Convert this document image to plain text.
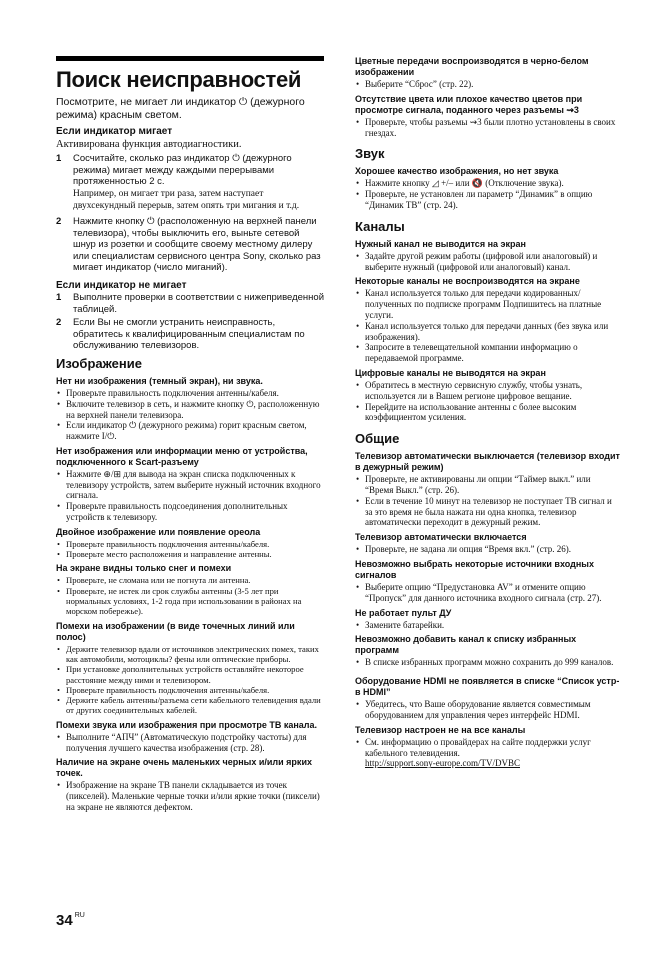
Поиск неисправностей

Посмотрите, не мигает ли индикатор ⏻ (дежурного режима) красным светом.

Если индикатор мигает

Активирована функция автодиагностики.

1	Сосчитайте, сколько раз индикатор ⏻ (дежурного режима) мигает между каждыми перерывами протяженностью 2 с.
Например, он мигает три раза, затем наступает двухсекундный перерыв, затем опять три мигания и т.д.
2	Нажмите кнопку ⏻ (расположенную на верхней панели телевизора), чтобы выключить его, выньте сетевой шнур из розетки и сообщите своему местному дилеру или специалистам сервисного центра Sony, сколько раз мигает индикатор (число миганий).
Если индикатор не мигает
1	Выполните проверки в соответствии с нижеприведенной таблицей.
2	Если Вы не смогли устранить неисправность, обратитесь к квалифицированным специалистам по обслуживанию телевизоров.
Изображение
Нет ни изображения (темный экран), ни звука.
• Проверьте правильность подключения антенны/кабеля.
• Включите телевизор в сеть, и нажмите кнопку ⏻, расположенную на верхней панели телевизора.
• Если индикатор ⏻ (дежурного режима) горит красным светом, нажмите I/⏻.
Нет изображения или информации меню от устройства, подключенного к Scart-разъему
• Нажмите ⊕/⊞ для вывода на экран списка подключенных к телевизору устройств, затем выберите нужный источник входного сигнала.
• Проверьте правильность подсоединения дополнительных устройств к телевизору.
Двойное изображение или появление ореола
• Проверьте правильность подключения антенны/кабеля.
• Проверьте место расположения и направление антенны.
На экране видны только снег и помехи
• Проверьте, не сломана или не погнута ли антенна.
• Проверьте, не истек ли срок службы антенны (3-5 лет при нормальных условиях, 1-2 года при использовании в районах на морском побережье).
Помехи на изображении (в виде точечных линий или полос)
• Держите телевизор вдали от источников электрических помех, таких как автомобили, мотоциклы? фены или оптические приборы.
• При установке дополнительных устройств оставляйте некоторое расстояние между ними и телевизором.
• Проверьте правильность подключения антенны/кабеля.
• Держите кабель антенны/разъема сети кабельного телевидения вдали от других соединительных кабелей.
Помехи звука или изображения при просмотре ТВ канала.
• Выполните “АПЧ” (Автоматическую подстройку частоты) для получения лучшего качества изображения (стр. 28).
Наличие на экране очень маленьких черных и/или ярких точек.
• Изображение на экране ТВ панели складывается из точек (пикселей). Маленькие черные точки и/или яркие точки (пиксели) на экране не являются дефектом.
Цветные передачи воспроизводятся в черно-белом изображении
• Выберите “Сброс” (стр. 22).
Отсутствие цвета или плохое качество цветов при просмотре сигнала, поданного через разъемы ⇝3
• Проверьте, чтобы разъемы ⇝3 были плотно установлены в своих гнездах.
Звук
Хорошее качество изображения, но нет звука
• Нажмите кнопку ◿ +/– или 🔇 (Отключение звука).
• Проверьте, не установлен ли параметр “Динамик” в опцию “Динамик ТВ” (стр. 24).
Каналы
Нужный канал не выводится на экран
• Задайте другой режим работы (цифровой или аналоговый) и выберите нужный (цифровой или аналоговый) канал.
Некоторые каналы не воспроизводятся на экране
• Канал используется только для передачи кодированных/полученных по подписке программ Подпишитесь на платные услуги.
• Канал используется только для передачи данных (без звука или изображения).
• Запросите в телевещательной компании информацию о передаваемой программе.
Цифровые каналы не выводятся на экран
• Обратитесь в местную сервисную службу, чтобы узнать, используется ли в Вашем регионе цифровое вещание.
• Перейдите на использование антенны с более высоким коэффициентом усиления.
Общие
Телевизор автоматически выключается (телевизор входит в дежурный режим)
• Проверьте, не активированы ли опции “Таймер выкл.” или “Время Выкл.” (стр. 26).
• Если в течение 10 минут на телевизор не поступает ТВ сигнал и за это время не была нажата ни одна кнопка, телевизор автоматически переходит в дежурный режим.
Телевизор автоматически включается
• Проверьте, не задана ли опция “Время вкл.” (стр. 26).
Невозможно выбрать некоторые источники входных сигналов
• Выберите опцию “Предустановка AV” и отмените опцию “Пропуск” для данного источника входного сигнала (стр. 27).
Не работает пульт ДУ
• Замените батарейки.
Невозможно добавить канал к списку избранных программ
• В списке избранных программ можно сохранить до 999 каналов.
Оборудование HDMI не появляется в списке “Список устр-в HDMI”
• Убедитесь, что Ваше оборудование является совместимым оборудованием для управления через интерфейс HDMI.
Телевизор настроен не на все каналы
• См. информацию о провайдерах на сайте поддержки услуг кабельного телевидения.
http://support.sony-europe.com/TV/DVBC
34 $^{RU}$
